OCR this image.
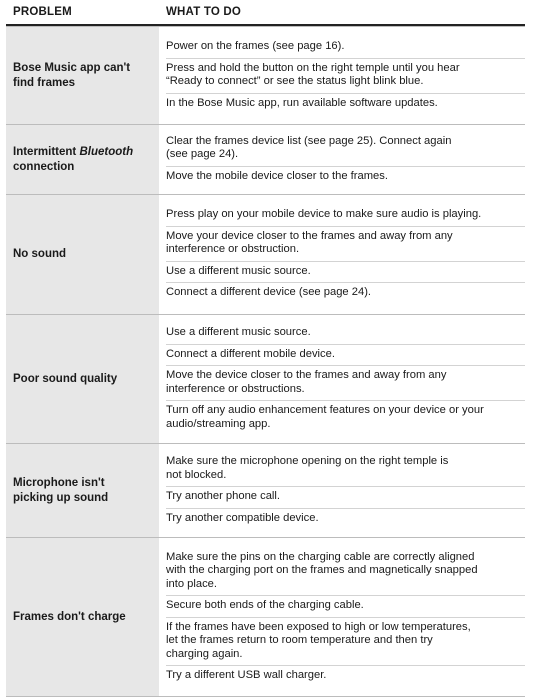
PROBLEM	WHAT TO DO
Bose Music app can't
find frames
Power on the frames (see page 16).
Press and hold the button on the right temple until you hear
“Ready to connect” or see the status light blink blue.
In the Bose Music app, run available software updates.
Intermittent Bluetooth
connection
Clear the frames device list (see page 25). Connect again
(see page 24).
Move the mobile device closer to the frames.
No sound
Press play on your mobile device to make sure audio is playing.
Move your device closer to the frames and away from any
interference or obstruction.
Use a different music source.
Connect a different device (see page 24).
Poor sound quality
Use a different music source.
Connect a different mobile device.
Move the device closer to the frames and away from any
interference or obstructions.
Turn off any audio enhancement features on your device or your
audio/streaming app.
Microphone isn't
picking up sound
Make sure the microphone opening on the right temple is
not blocked.
Try another phone call.
Try another compatible device.
Frames don't charge
Make sure the pins on the charging cable are correctly aligned
with the charging port on the frames and magnetically snapped
into place.
Secure both ends of the charging cable.
If the frames have been exposed to high or low temperatures,
let the frames return to room temperature and then try
charging again.
Try a different USB wall charger.
